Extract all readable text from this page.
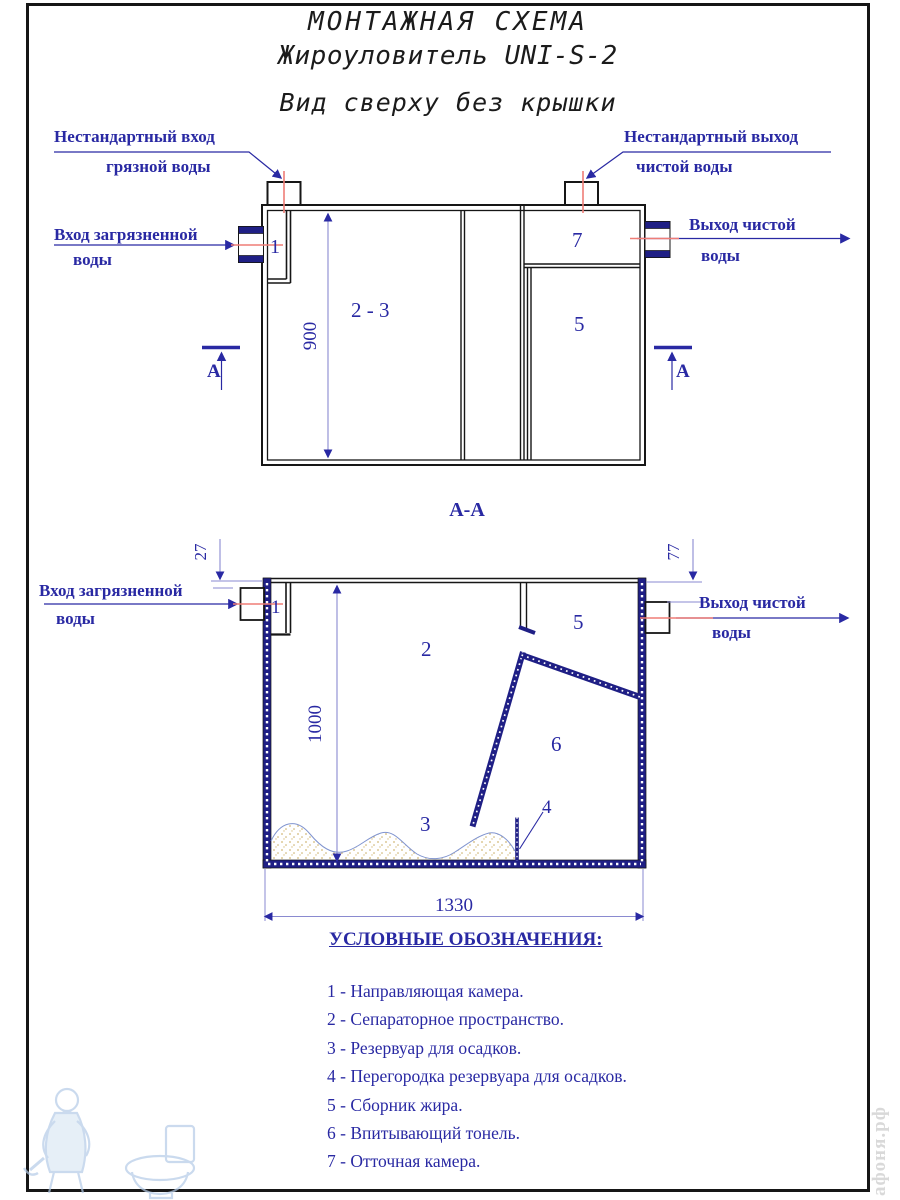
1
2 - 3
7
5
900
А	А
А-А
1
2
5
6
3
4
1000
27	77
1330
МОНТАЖНАЯ СХЕМА
Жироуловитель UNI-S-2
Вид сверху без крышки
Нестандартный вход
грязной воды
Вход загрязненной
воды
Нестандартный выход
чистой воды
Выход чистой
воды
Вход загрязненной
воды
Выход чистой
воды
УСЛОВНЫЕ ОБОЗНАЧЕНИЯ:
1 - Направляющая камера.
2 - Сепараторное пространство.
3 - Резервуар для осадков.
4 - Перегородка резервуара для осадков.
5 - Сборник жира.
6 - Впитывающий тонель.
7 - Отточная камера.	афоня.рф
